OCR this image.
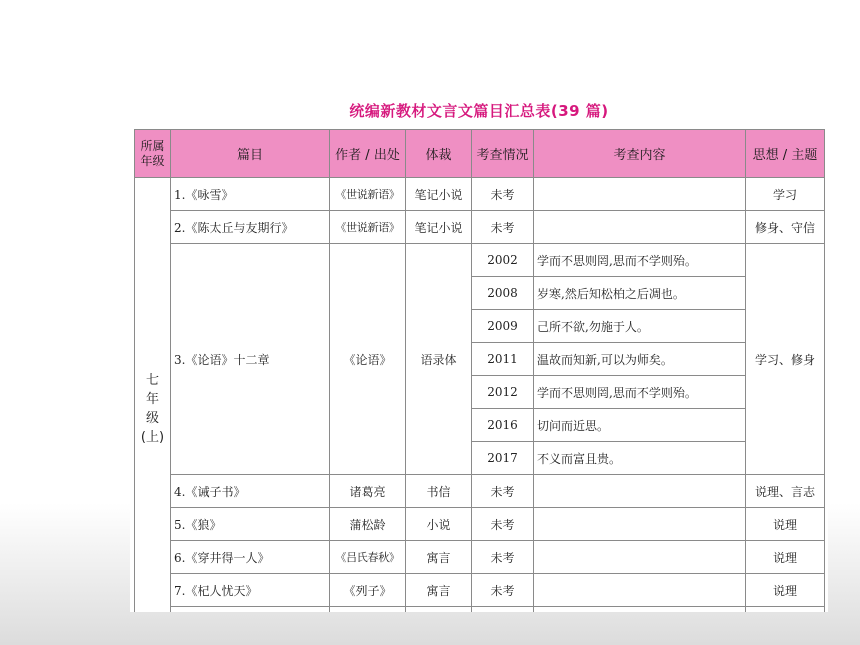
统编新教材文言文篇目汇总表(39 篇)
所属
年级	篇目	作者 / 出处	体裁	考查情况	考查内容	思想 / 主题

七
年
级
(上)	1.《咏雪》	《世说新语》	笔记小说	未考		学习
	2.《陈太丘与友期行》	《世说新语》	笔记小说	未考		修身、守信
	3.《论语》十二章	《论语》	语录体	2002	学而不思则罔,思而不学则殆。	学习、修身
				2008	岁寒,然后知松柏之后凋也。	
				2009	己所不欲,勿施于人。	
				2011	温故而知新,可以为师矣。	
				2012	学而不思则罔,思而不学则殆。	
				2016	切问而近思。	
				2017	不义而富且贵。	
	4.《诫子书》	诸葛亮	书信	未考		说理、言志
	5.《狼》	蒲松龄	小说	未考		说理
	6.《穿井得一人》	《吕氏春秋》	寓言	未考		说理
	7.《杞人忧天》	《列子》	寓言	未考		说理
